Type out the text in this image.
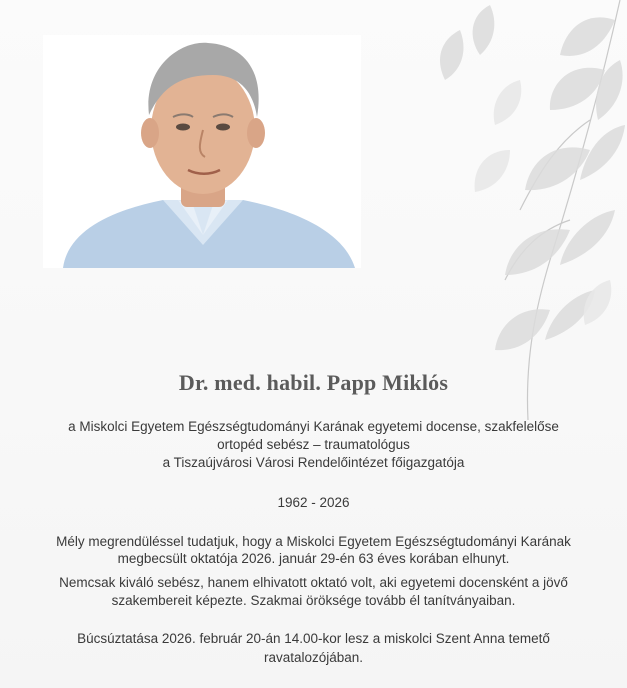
Dr. med. habil. Papp Miklós
a Miskolci Egyetem Egészségtudományi Karának egyetemi docense, szakfelelőse
ortopéd sebész – traumatológus
a Tiszaújvárosi Városi Rendelőintézet főigazgatója
1962 - 2026
Mély megrendüléssel tudatjuk, hogy a Miskolci Egyetem Egészségtudományi Karának
megbecsült oktatója 2026. január 29-én 63 éves korában elhunyt.
Nemcsak kiváló sebész, hanem elhivatott oktató volt, aki egyetemi docensként a jövő
szakembereit képezte. Szakmai öröksége tovább él tanítványaiban.
Búcsúztatása 2026. február 20-án 14.00-kor lesz a miskolci Szent Anna temető
ravatalozójában.
